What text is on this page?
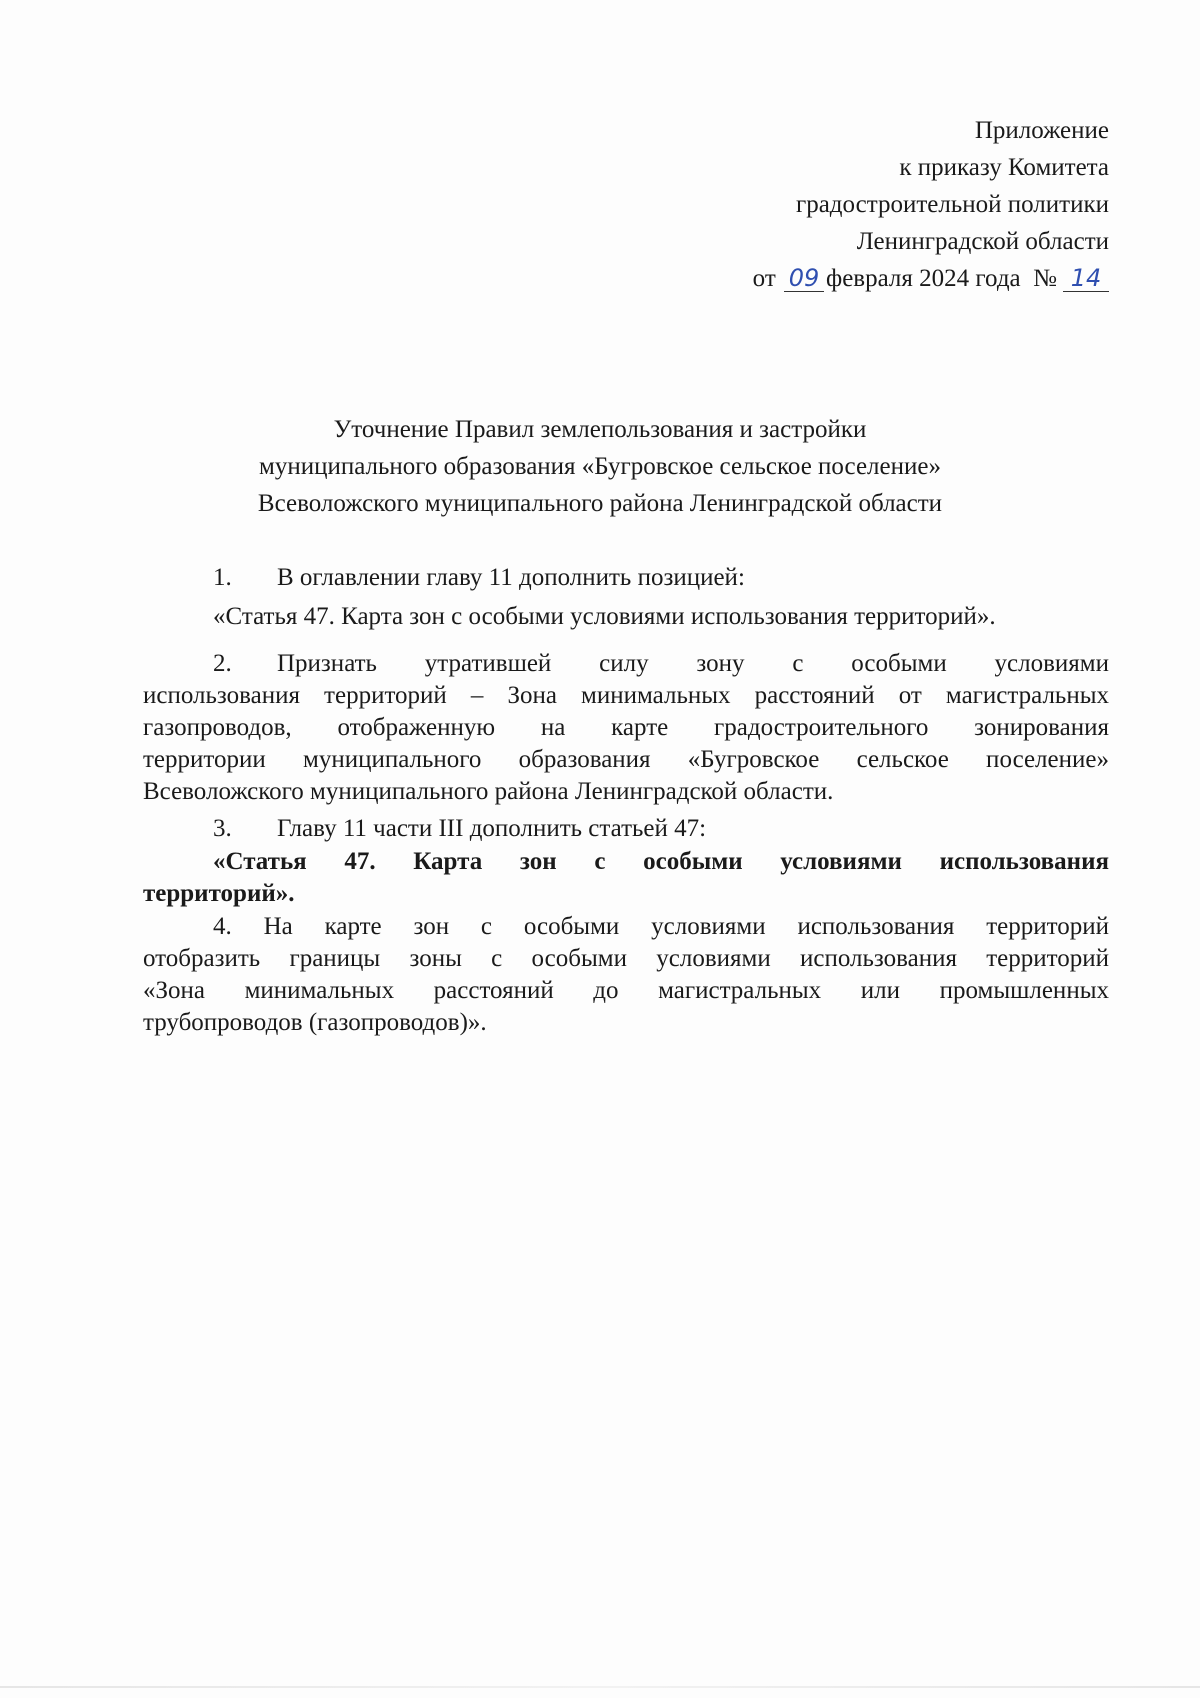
Приложение
к приказу Комитета
градостроительной политики
Ленинградской области
от 09 февраля 2024 года № 14
Уточнение Правил землепользования и застройки
муниципального образования «Бугровское сельское поселение»
Всеволожского муниципального района Ленинградской области
1. В оглавлении главу 11 дополнить позицией:
«Статья 47. Карта зон с особыми условиями использования территорий».
2. Признать утратившей силу зону с особыми условиями
использования территорий – Зона минимальных расстояний от магистральных
газопроводов, отображенную на карте градостроительного зонирования
территории муниципального образования «Бугровское сельское поселение»
Всеволожского муниципального района Ленинградской области.
3. Главу 11 части III дополнить статьей 47:
«Статья 47. Карта зон с особыми условиями использования
территорий».
4. На карте зон с особыми условиями использования территорий
отобразить границы зоны с особыми условиями использования территорий
«Зона минимальных расстояний до магистральных или промышленных
трубопроводов (газопроводов)».
